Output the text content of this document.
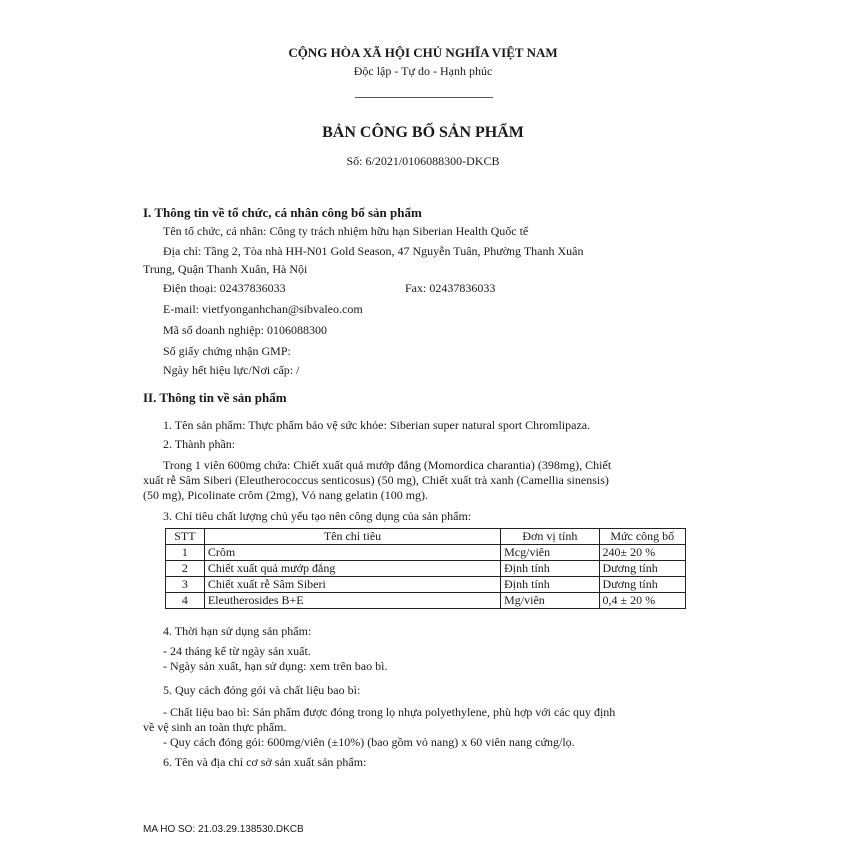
CỘNG HÒA XÃ HỘI CHỦ NGHĨA VIỆT NAM
Độc lập - Tự do - Hạnh phúc
BẢN CÔNG BỐ SẢN PHẨM
Số: 6/2021/0106088300-DKCB
I. Thông tin về tổ chức, cá nhân công bố sản phẩm
Tên tổ chức, cá nhân: Công ty trách nhiệm hữu hạn Siberian Health Quốc tế
Địa chỉ: Tầng 2, Tòa nhà HH-N01 Gold Season, 47 Nguyễn Tuân, Phường Thanh Xuân
Trung, Quận Thanh Xuân, Hà Nội
Điện thoại: 02437836033	Fax: 02437836033
E-mail: vietfyonganhchan@sibvaleo.com
Mã số doanh nghiệp: 0106088300
Số giấy chứng nhận GMP:
Ngày hết hiệu lực/Nơi cấp: /
II. Thông tin về sản phẩm
1. Tên sản phẩm: Thực phẩm bảo vệ sức khỏe: Siberian super natural sport Chromlipaza.
2. Thành phần:
Trong 1 viên 600mg chứa: Chiết xuất quả mướp đắng (Momordica charantia) (398mg), Chiết
xuất rễ Sâm Siberi (Eleutherococcus senticosus) (50 mg), Chiết xuất trà xanh (Camellia sinensis)
(50 mg), Picolinate crôm (2mg), Vỏ nang gelatin (100 mg).
3. Chỉ tiêu chất lượng chủ yếu tạo nên công dụng của sản phẩm:
STT	Tên chỉ tiêu	Đơn vị tính	Mức công bố
1	Crôm	Mcg/viên	240± 20 %
2	Chiết xuất quả mướp đắng	Định tính	Dương tính
3	Chiết xuất rễ Sâm Siberi	Định tính	Dương tính
4	Eleutherosides B+E	Mg/viên	0,4 ± 20 %
4. Thời hạn sử dụng sản phẩm:
- 24 tháng kể từ ngày sản xuất.
- Ngày sản xuất, hạn sử dụng: xem trên bao bì.
5. Quy cách đóng gói và chất liệu bao bì:
- Chất liệu bao bì: Sản phẩm được đóng trong lọ nhựa polyethylene, phù hợp với các quy định
về vệ sinh an toàn thực phẩm.
- Quy cách đóng gói: 600mg/viên (±10%) (bao gồm vỏ nang) x 60 viên nang cứng/lọ.
6. Tên và địa chỉ cơ sở sản xuất sản phẩm:
MA HO SO: 21.03.29.138530.DKCB
